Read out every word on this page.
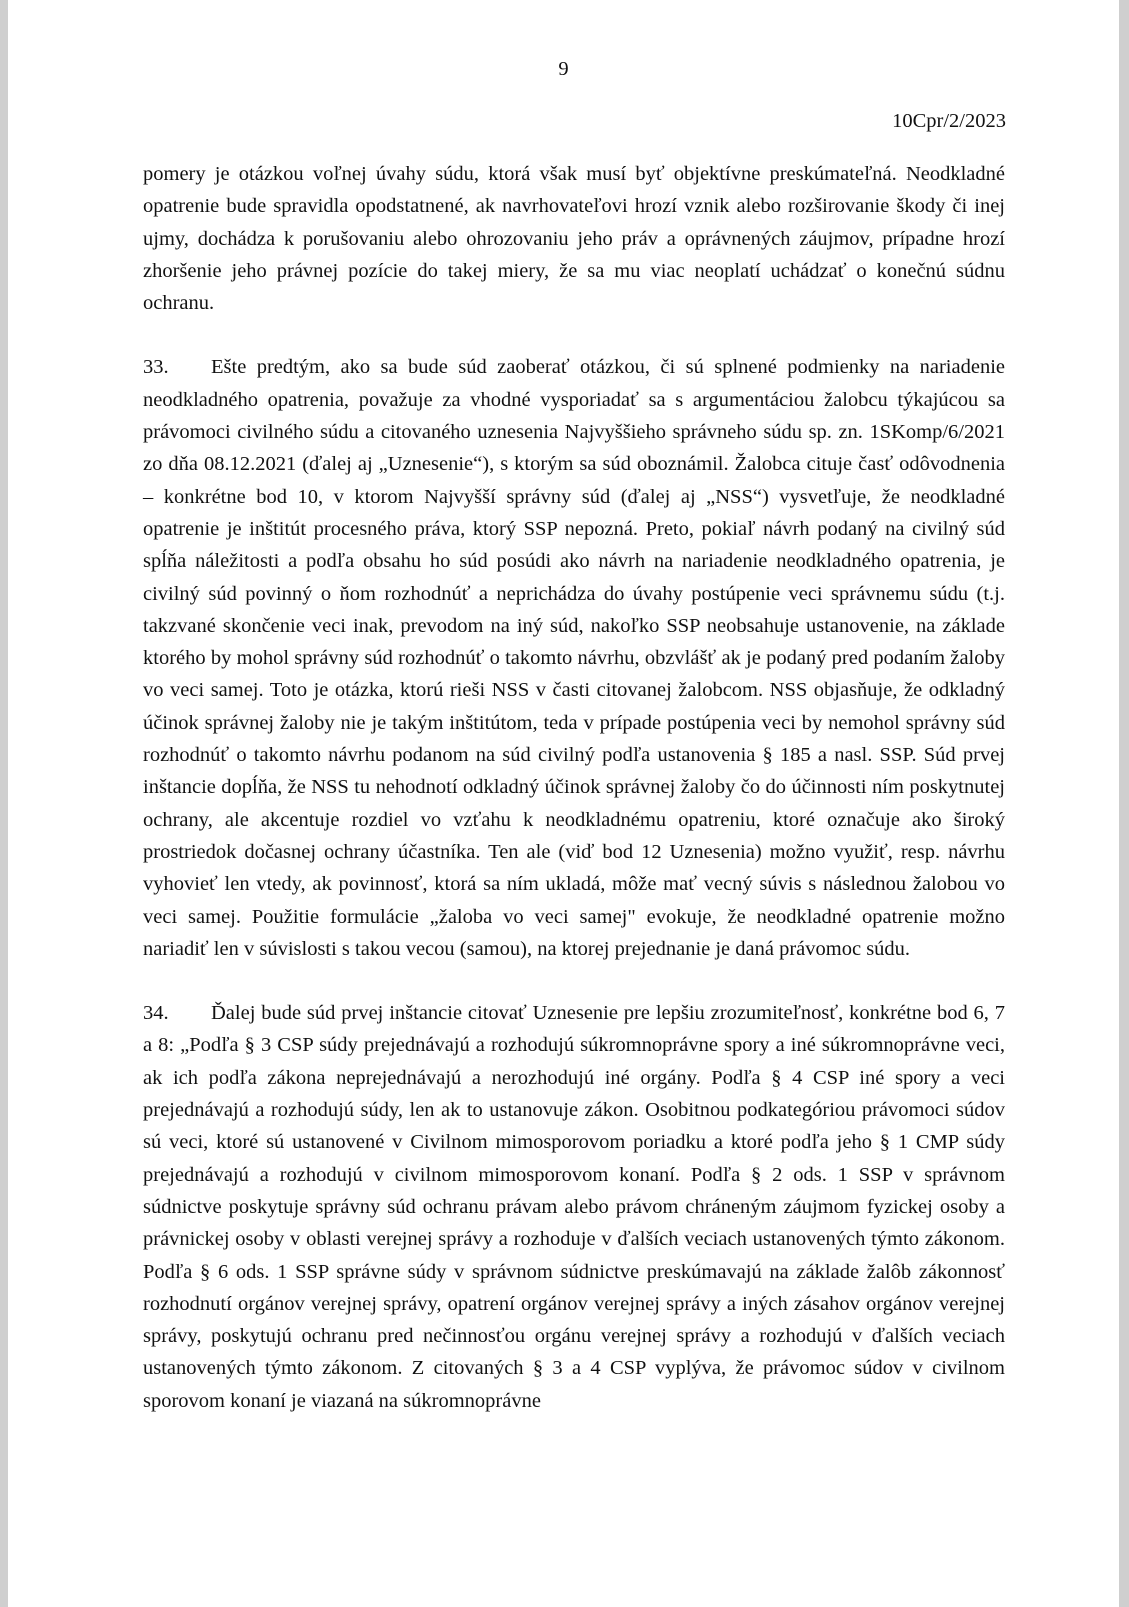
9
10Cpr/2/2023

pomery je otázkou voľnej úvahy súdu, ktorá však musí byť objektívne preskúmateľná. Neodkladné opatrenie bude spravidla opodstatnené, ak navrhovateľovi hrozí vznik alebo rozširovanie škody či inej ujmy, dochádza k porušovaniu alebo ohrozovaniu jeho práv a oprávnených záujmov, prípadne hrozí zhoršenie jeho právnej pozície do takej miery, že sa mu viac neoplatí uchádzať o konečnú súdnu ochranu.

33. Ešte predtým, ako sa bude súd zaoberať otázkou, či sú splnené podmienky na nariadenie neodkladného opatrenia, považuje za vhodné vysporiadať sa s argumentáciou žalobcu týkajúcou sa právomoci civilného súdu a citovaného uznesenia Najvyššieho správneho súdu sp. zn. 1SKomp/6/2021 zo dňa 08.12.2021 (ďalej aj „Uznesenie“), s ktorým sa súd oboznámil. Žalobca cituje časť odôvodnenia – konkrétne bod 10, v ktorom Najvyšší správny súd (ďalej aj „NSS“) vysvetľuje, že neodkladné opatrenie je inštitút procesného práva, ktorý SSP nepozná. Preto, pokiaľ návrh podaný na civilný súd spĺňa náležitosti a podľa obsahu ho súd posúdi ako návrh na nariadenie neodkladného opatrenia, je civilný súd povinný o ňom rozhodnúť a neprichádza do úvahy postúpenie veci správnemu súdu (t.j. takzvané skončenie veci inak, prevodom na iný súd, nakoľko SSP neobsahuje ustanovenie, na základe ktorého by mohol správny súd rozhodnúť o takomto návrhu, obzvlášť ak je podaný pred podaním žaloby vo veci samej. Toto je otázka, ktorú rieši NSS v časti citovanej žalobcom. NSS objasňuje, že odkladný účinok správnej žaloby nie je takým inštitútom, teda v prípade postúpenia veci by nemohol správny súd rozhodnúť o takomto návrhu podanom na súd civilný podľa ustanovenia § 185 a nasl. SSP. Súd prvej inštancie dopĺňa, že NSS tu nehodnotí odkladný účinok správnej žaloby čo do účinnosti ním poskytnutej ochrany, ale akcentuje rozdiel vo vzťahu k neodkladnému opatreniu, ktoré označuje ako široký prostriedok dočasnej ochrany účastníka. Ten ale (viď bod 12 Uznesenia) možno využiť, resp. návrhu vyhovieť len vtedy, ak povinnosť, ktorá sa ním ukladá, môže mať vecný súvis s následnou žalobou vo veci samej. Použitie formulácie „žaloba vo veci samej" evokuje, že neodkladné opatrenie možno nariadiť len v súvislosti s takou vecou (samou), na ktorej prejednanie je daná právomoc súdu.

34. Ďalej bude súd prvej inštancie citovať Uznesenie pre lepšiu zrozumiteľnosť, konkrétne bod 6, 7 a 8: „Podľa § 3 CSP súdy prejednávajú a rozhodujú súkromnoprávne spory a iné súkromnoprávne veci, ak ich podľa zákona neprejednávajú a nerozhodujú iné orgány. Podľa § 4 CSP iné spory a veci prejednávajú a rozhodujú súdy, len ak to ustanovuje zákon. Osobitnou podkategóriou právomoci súdov sú veci, ktoré sú ustanovené v Civilnom mimosporovom poriadku a ktoré podľa jeho § 1 CMP súdy prejednávajú a rozhodujú v civilnom mimosporovom konaní. Podľa § 2 ods. 1 SSP v správnom súdnictve poskytuje správny súd ochranu právam alebo právom chráneným záujmom fyzickej osoby a právnickej osoby v oblasti verejnej správy a rozhoduje v ďalších veciach ustanovených týmto zákonom. Podľa § 6 ods. 1 SSP správne súdy v správnom súdnictve preskúmavajú na základe žalôb zákonnosť rozhodnutí orgánov verejnej správy, opatrení orgánov verejnej správy a iných zásahov orgánov verejnej správy, poskytujú ochranu pred nečinnosťou orgánu verejnej správy a rozhodujú v ďalších veciach ustanovených týmto zákonom. Z citovaných § 3 a 4 CSP vyplýva, že právomoc súdov v civilnom sporovom konaní je viazaná na súkromnoprávne
